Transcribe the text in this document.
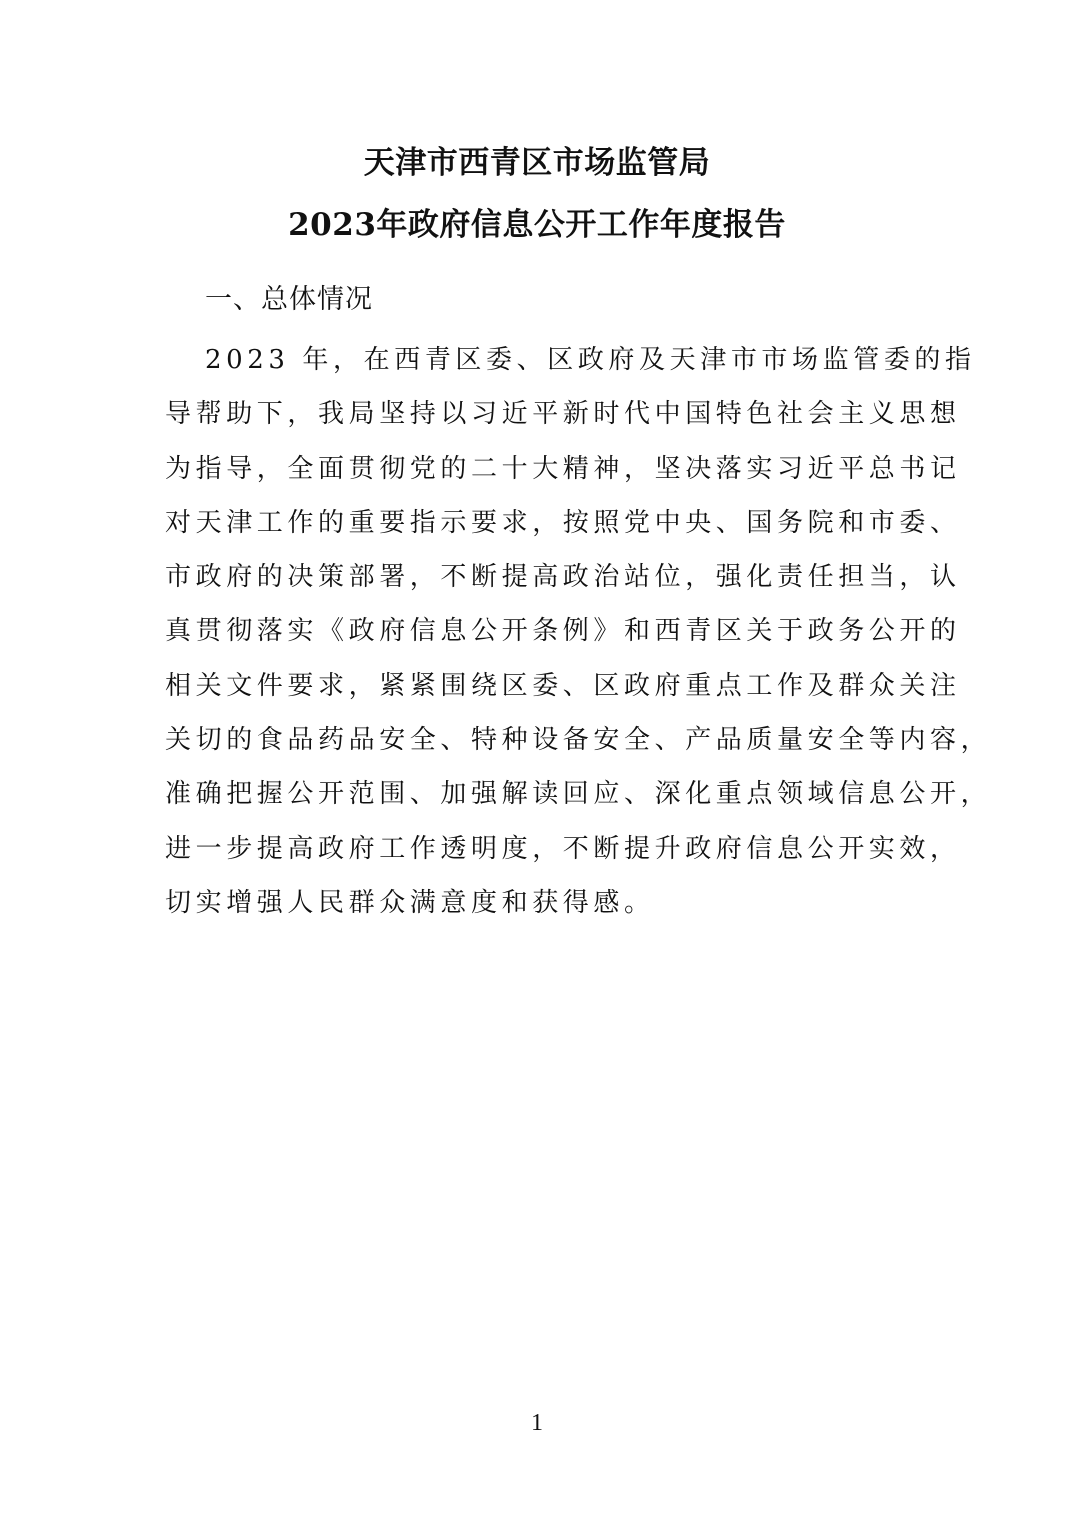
天津市西青区市场监管局
2023年政府信息公开工作年度报告
一、总体情况
2023 年，在西青区委、区政府及天津市市场监管委的指
导帮助下，我局坚持以习近平新时代中国特色社会主义思想
为指导，全面贯彻党的二十大精神，坚决落实习近平总书记
对天津工作的重要指示要求，按照党中央、国务院和市委、
市政府的决策部署，不断提高政治站位，强化责任担当，认
真贯彻落实《政府信息公开条例》和西青区关于政务公开的
相关文件要求，紧紧围绕区委、区政府重点工作及群众关注
关切的食品药品安全、特种设备安全、产品质量安全等内容，
准确把握公开范围、加强解读回应、深化重点领域信息公开，
进一步提高政府工作透明度，不断提升政府信息公开实效，
切实增强人民群众满意度和获得感。
1
